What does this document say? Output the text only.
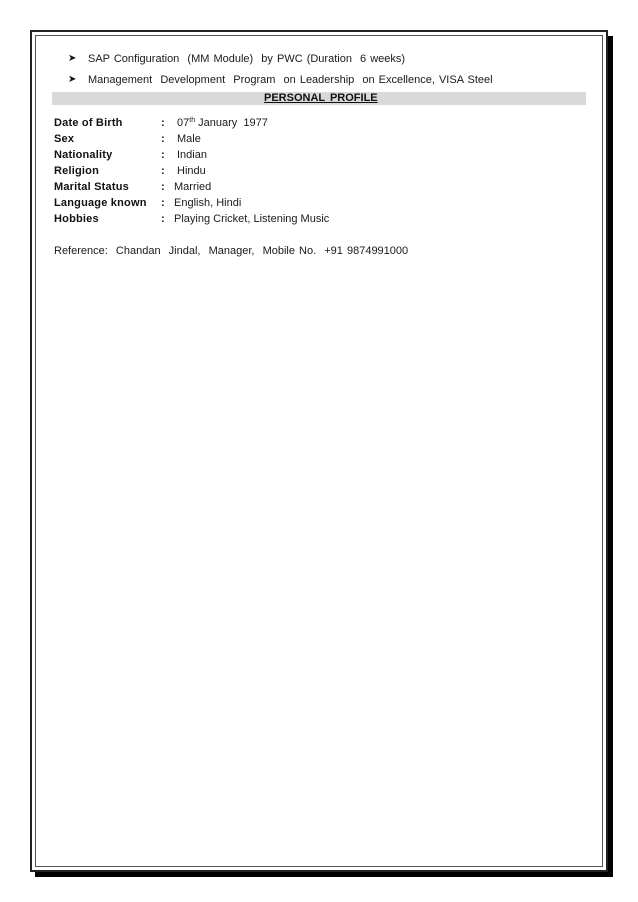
➤

	SAP Configuration  (MM Module)  by PWC (Duration  6 weeks)

➤

	Management  Development  Program  on Leadership  on Excellence, VISA Steel

PERSONAL PROFILE
Date of Birth	: 07th January  1977
Sex	: Male
Nationality	: Indian
Religion	: Hindu
Marital Status	: Married
Language known : English, Hindi
Hobbies	: Playing Cricket, Listening Music
Reference:  Chandan  Jindal,  Manager,  Mobile No.  +91 9874991000
